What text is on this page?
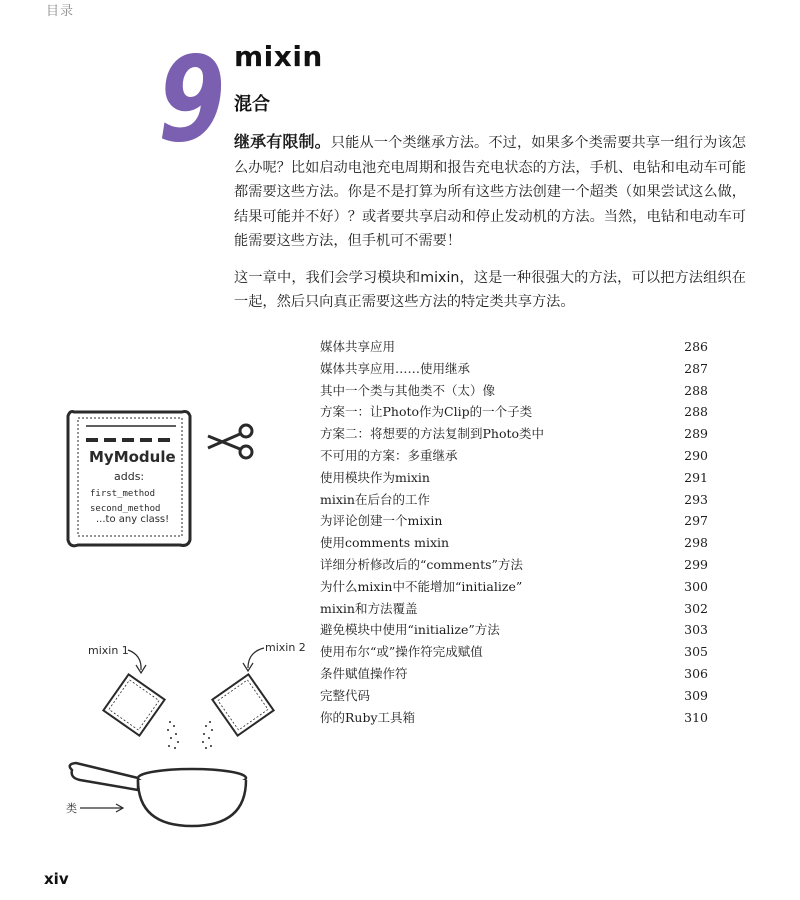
目录
9 mixin
混合

继承有限制。只能从一个类继承方法。不过，如果多个类需要共享一组行为该怎么办呢？比如启动电池充电周期和报告充电状态的方法，手机、电钻和电动车可能都需要这些方法。你是不是打算为所有这些方法创建一个超类（如果尝试这么做，结果可能并不好）？或者要共享启动和停止发动机的方法。当然，电钻和电动车可能需要这些方法，但手机可不需要！

这一章中，我们会学习模块和mixin，这是一种很强大的方法，可以把方法组织在一起，然后只向真正需要这些方法的特定类共享方法。

媒体共享应用	286
媒体共享应用……使用继承	287
其中一个类与其他类不（太）像	288
方案一：让Photo作为Clip的一个子类	288
方案二：将想要的方法复制到Photo类中	289
不可用的方案：多重继承	290
使用模块作为mixin	291
mixin在后台的工作	293
为评论创建一个mixin	297
使用comments mixin	298
详细分析修改后的“comments”方法	299
为什么mixin中不能增加“initialize”	300
mixin和方法覆盖	302
避免模块中使用“initialize”方法	303
使用布尔“或”操作符完成赋值	305
条件赋值操作符	306
完整代码	309
你的Ruby工具箱	310
MyModule
adds:
first_method
second_method
...to any class!
mixin 1	mixin 2
类
xiv
